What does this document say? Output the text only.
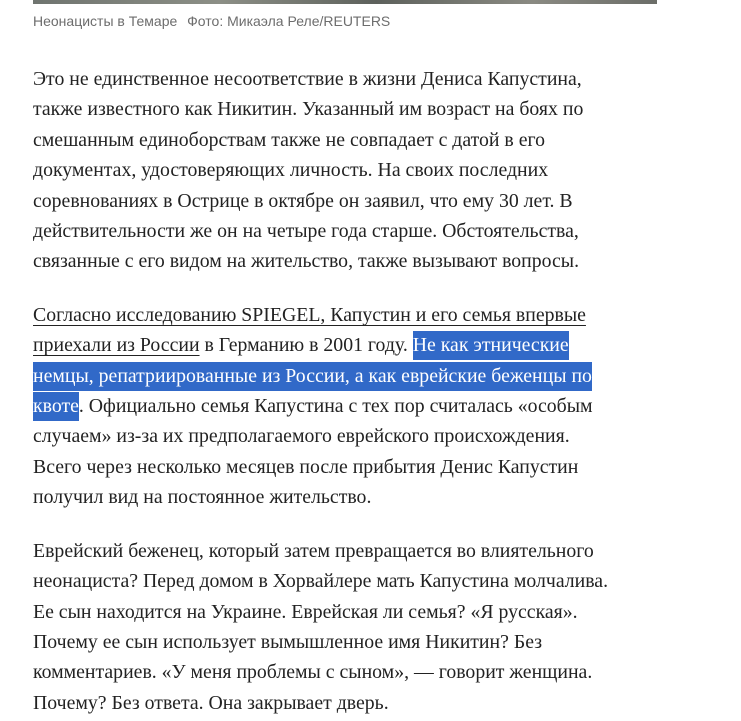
Неонацисты в Темаре Фото: Микаэла Реле/REUTERS

Это не единственное несоответствие в жизни Дениса Капустина,
также известного как Никитин. Указанный им возраст на боях по
смешанным единоборствам также не совпадает с датой в его
документах, удостоверяющих личность. На своих последних
соревнованиях в Острице в октябре он заявил, что ему 30 лет. В
действительности же он на четыре года старше. Обстоятельства,
связанные с его видом на жительство, также вызывают вопросы.

Согласно исследованию SPIEGEL, Капустин и его семья впервые
приехали из России в Германию в 2001 году. Не как этнические
немцы, репатриированные из России, а как еврейские беженцы по
квоте. Официально семья Капустина с тех пор считалась «особым
случаем» из-за их предполагаемого еврейского происхождения.
Всего через несколько месяцев после прибытия Денис Капустин
получил вид на постоянное жительство.

Еврейский беженец, который затем превращается во влиятельного
неонациста? Перед домом в Хорвайлере мать Капустина молчалива.
Ее сын находится на Украине. Еврейская ли семья? «Я русская».
Почему ее сын использует вымышленное имя Никитин? Без
комментариев. «У меня проблемы с сыном», — говорит женщина.
Почему? Без ответа. Она закрывает дверь.
